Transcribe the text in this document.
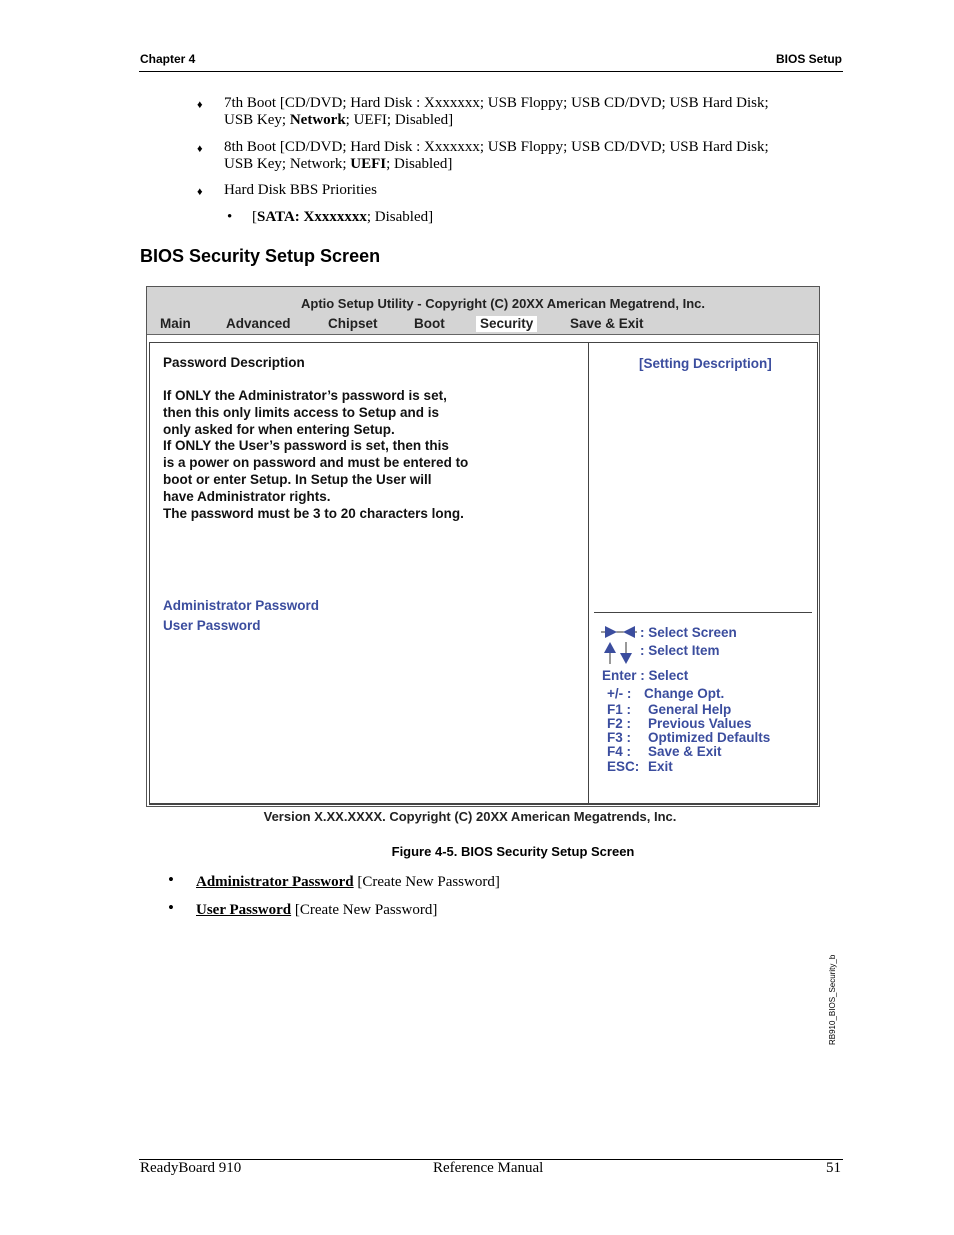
Chapter 4	BIOS Setup
♦ 7th Boot [CD/DVD; Hard Disk : Xxxxxxx; USB Floppy; USB CD/DVD; USB Hard Disk;
USB Key; Network; UEFI; Disabled]
♦ 8th Boot [CD/DVD; Hard Disk : Xxxxxxx; USB Floppy; USB CD/DVD; USB Hard Disk;
USB Key; Network; UEFI; Disabled]
♦ Hard Disk BBS Priorities
• [SATA: Xxxxxxxx; Disabled]
BIOS Security Setup Screen
Aptio Setup Utility - Copyright (C) 20XX American Megatrend, Inc.
Main	Advanced	Chipset	Boot	Security	Save & Exit
Password Description
If ONLY the Administrator’s password is set,
then this only limits access to Setup and is
only asked for when entering Setup.
If ONLY the User’s password is set, then this
is a power on password and must be entered to
boot or enter Setup. In Setup the User will
have Administrator rights.
The password must be 3 to 20 characters long.
Administrator Password
User Password
[Setting Description]
: Select Screen
: Select Item
Enter : Select
+/- : Change Opt.
F1 : General Help
F2 : Previous Values
F3 : Optimized Defaults
F4 : Save & Exit
ESC: Exit
RB910_BIOS_Security_b
Version X.XX.XXXX. Copyright (C) 20XX American Megatrends, Inc.
Figure 4-5. BIOS Security Setup Screen
• Administrator Password [Create New Password]
• User Password [Create New Password]
ReadyBoard 910	Reference Manual	51
